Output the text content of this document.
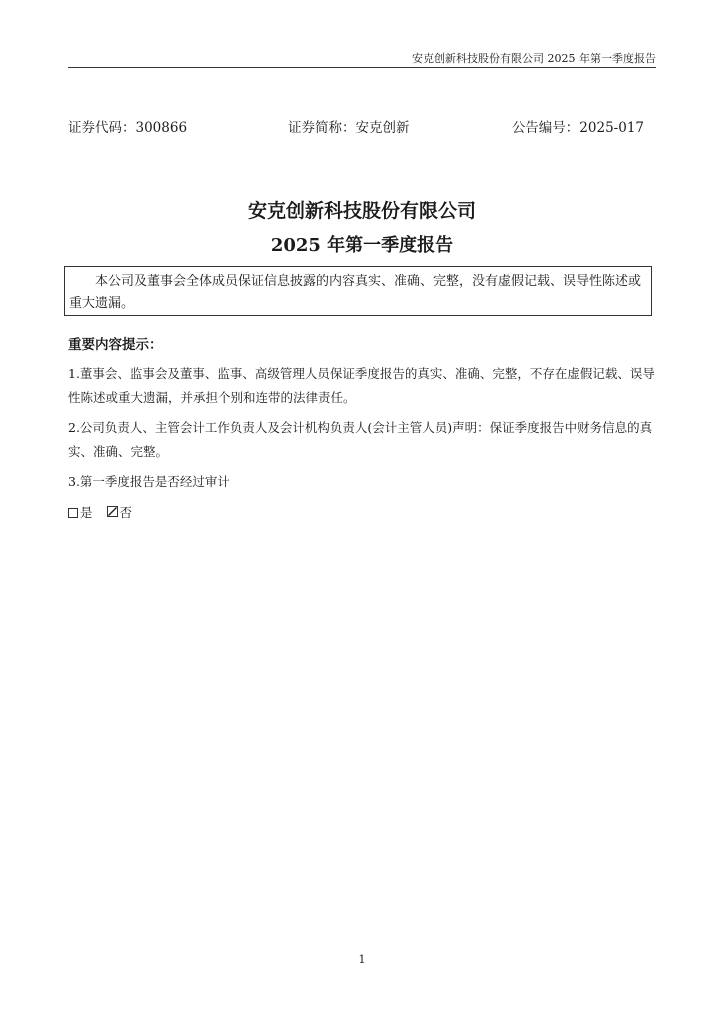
安克创新科技股份有限公司 2025 年第一季度报告
证券代码：300866	证券简称：安克创新	公告编号：2025-017
安克创新科技股份有限公司
2025 年第一季度报告
本公司及董事会全体成员保证信息披露的内容真实、准确、完整，没有虚假记载、误导性陈述或重大遗漏。
重要内容提示：
1.董事会、监事会及董事、监事、高级管理人员保证季度报告的真实、准确、完整，不存在虚假记载、误导性陈述或重大遗漏，并承担个别和连带的法律责任。
2.公司负责人、主管会计工作负责人及会计机构负责人(会计主管人员)声明：保证季度报告中财务信息的真实、准确、完整。
3.第一季度报告是否经过审计
是 否
1
